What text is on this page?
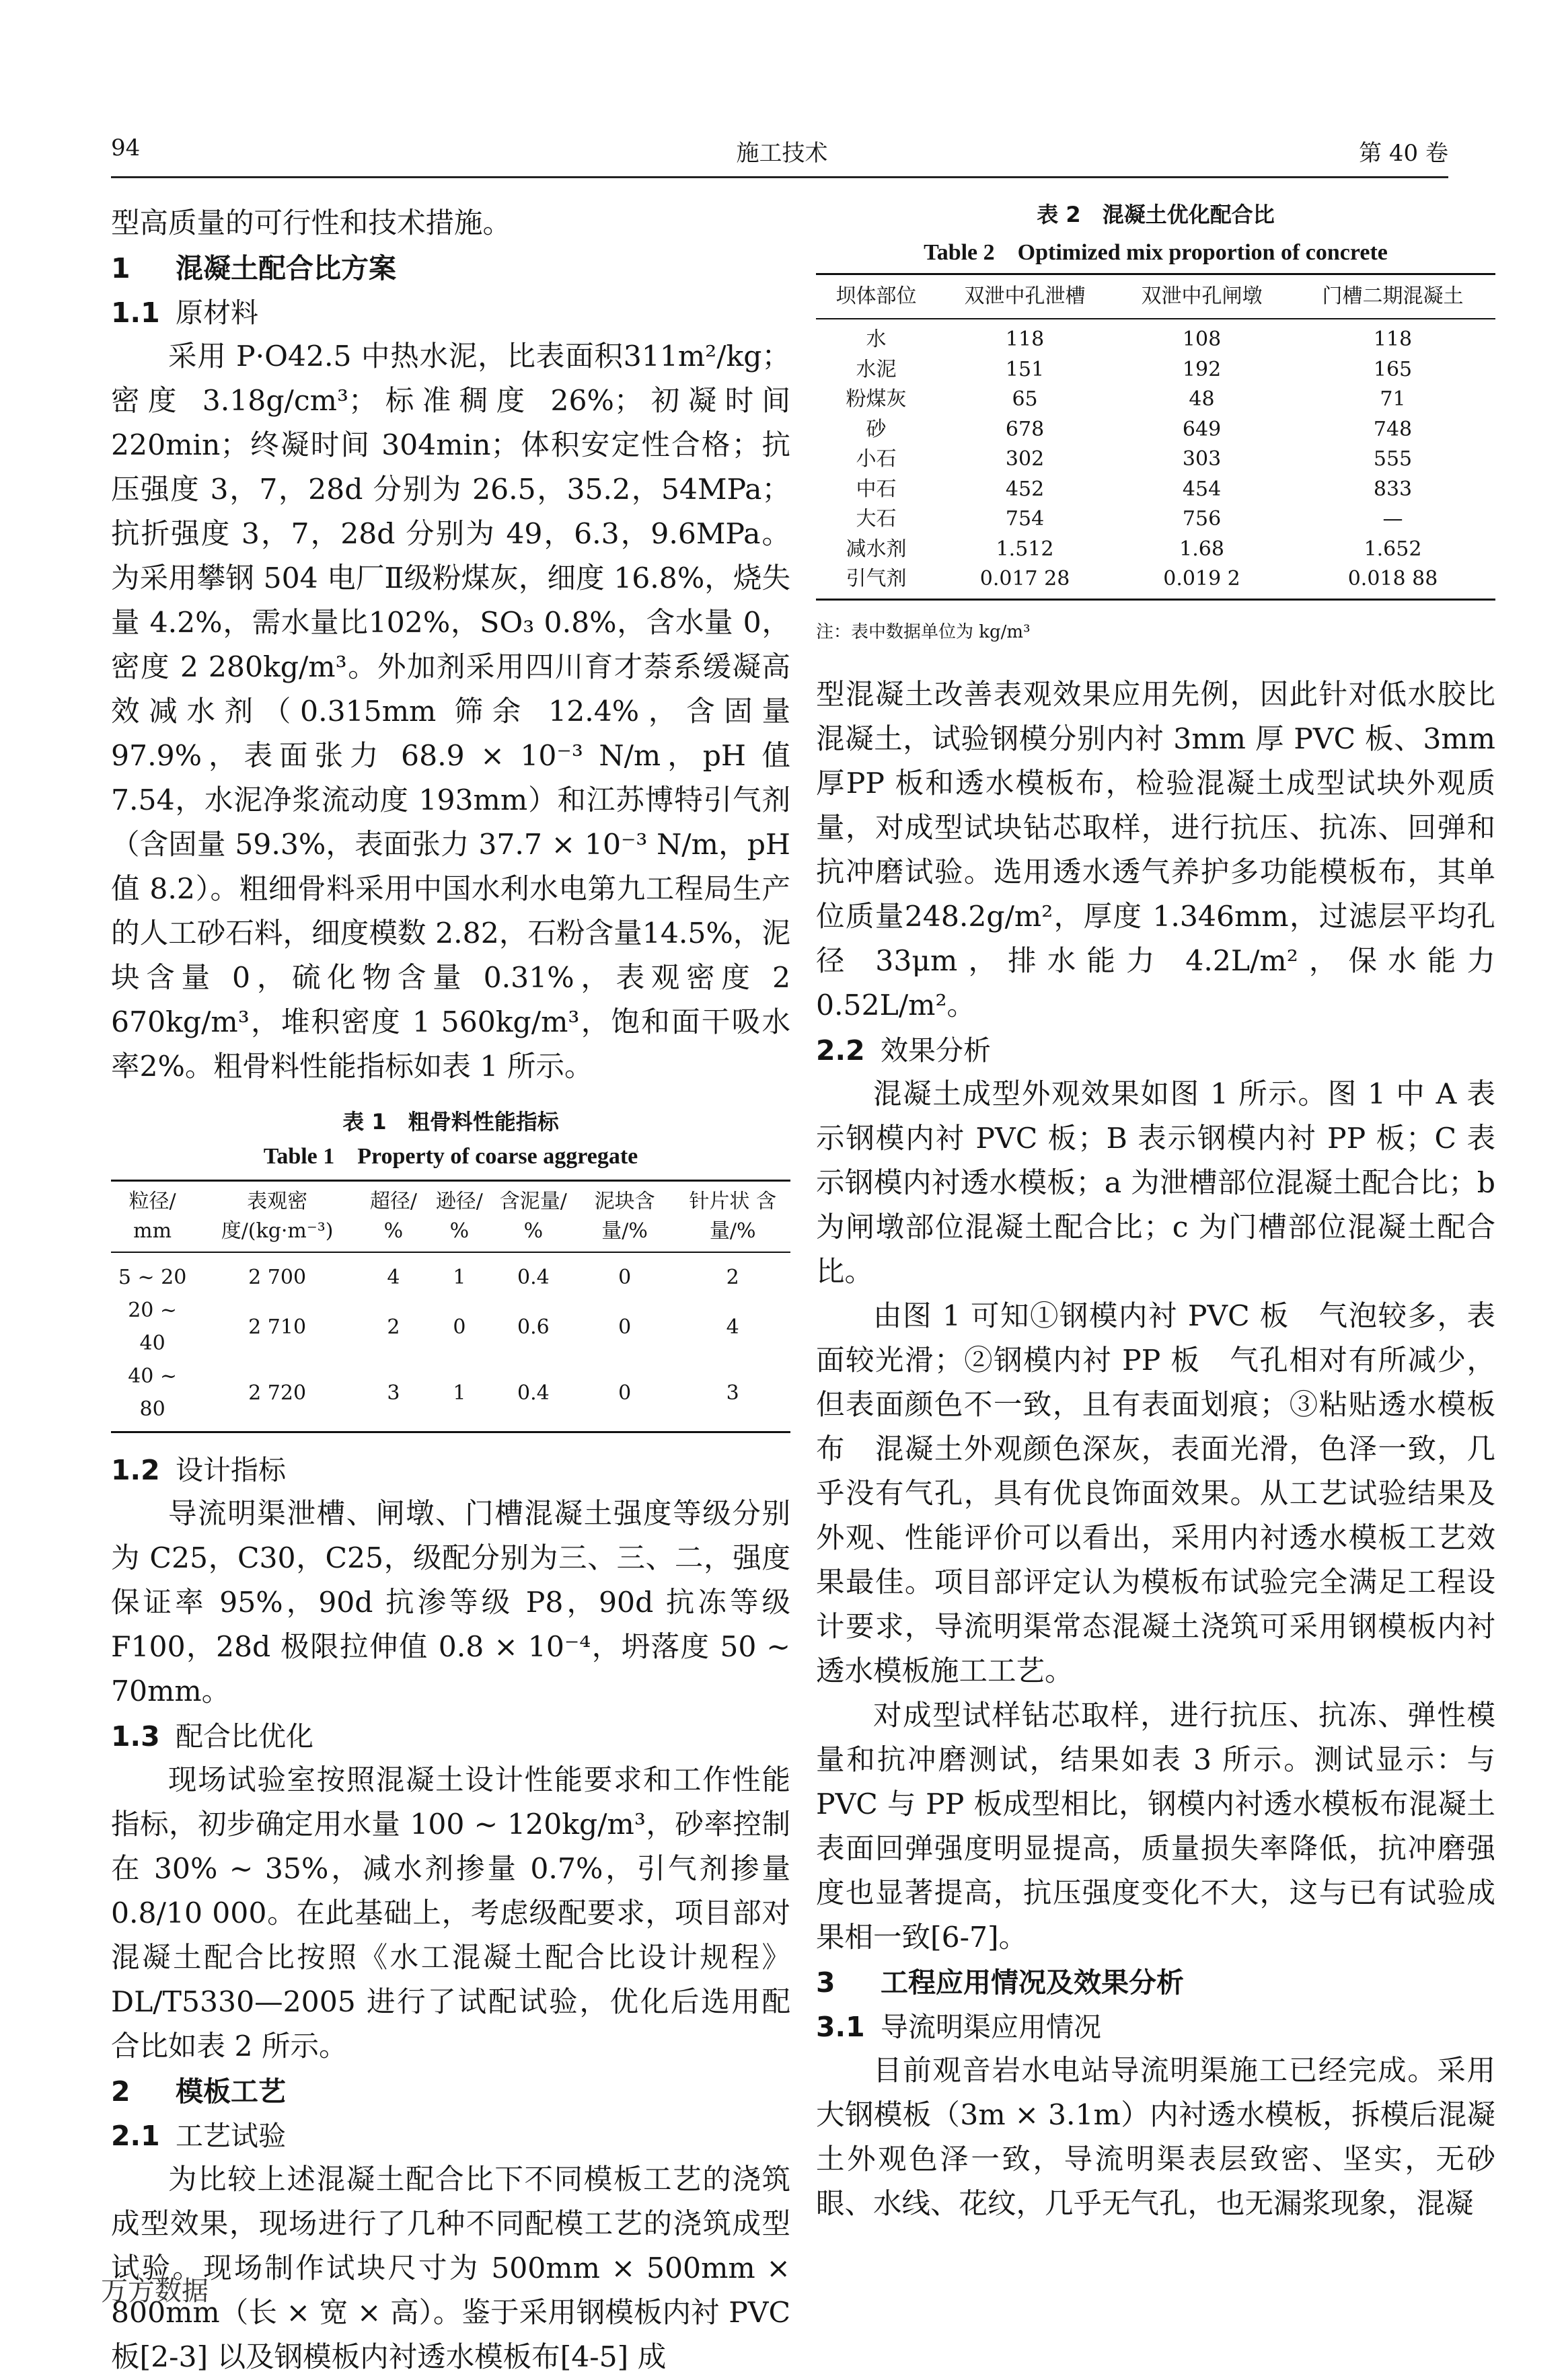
94	施工技术	第 40 卷

型高质量的可行性和技术措施。

1 混凝土配合比方案
1.1 原材料

采用 P·O42.5 中热水泥，比表面积311m²/kg；密度 3.18g/cm³；标准稠度 26%；初凝时间 220min；终凝时间 304min；体积安定性合格；抗压强度 3，7，28d 分别为 26.5，35.2，54MPa；抗折强度 3，7，28d 分别为 49，6.3，9.6MPa。为采用攀钢 504 电厂Ⅱ级粉煤灰，细度 16.8%，烧失量 4.2%，需水量比102%，SO₃ 0.8%，含水量 0，密度 2 280kg/m³。外加剂采用四川育才萘系缓凝高效减水剂（0.315mm 筛余 12.4%，含固量 97.9%，表面张力 68.9 × 10⁻³ N/m，pH 值 7.54，水泥净浆流动度 193mm）和江苏博特引气剂（含固量 59.3%，表面张力 37.7 × 10⁻³ N/m，pH 值 8.2）。粗细骨料采用中国水利水电第九工程局生产的人工砂石料，细度模数 2.82，石粉含量14.5%，泥块含量 0，硫化物含量 0.31%，表观密度 2 670kg/m³，堆积密度 1 560kg/m³，饱和面干吸水率2%。粗骨料性能指标如表 1 所示。

表 1　粗骨料性能指标

Table 1　Property of coarse aggregate

粒径/ mm	表观密 度/(kg·m⁻³)	超径/ %	逊径/ %	含泥量/ %	泥块含 量/%	针片状 含量/%
5 ~ 20	2 700	4	1	0.4	0	2
20 ~ 40	2 710	2	0	0.6	0	4
40 ~ 80	2 720	3	1	0.4	0	3
1.2 设计指标

导流明渠泄槽、闸墩、门槽混凝土强度等级分别为 C25，C30，C25，级配分别为三、三、二，强度保证率 95%，90d 抗渗等级 P8，90d 抗冻等级 F100，28d 极限拉伸值 0.8 × 10⁻⁴，坍落度 50 ~ 70mm。

1.3 配合比优化

现场试验室按照混凝土设计性能要求和工作性能指标，初步确定用水量 100 ~ 120kg/m³，砂率控制在 30% ~ 35%，减水剂掺量 0.7%，引气剂掺量 0.8/10 000。在此基础上，考虑级配要求，项目部对混凝土配合比按照《水工混凝土配合比设计规程》DL/T5330—2005 进行了试配试验，优化后选用配合比如表 2 所示。

2 模板工艺
2.1 工艺试验

为比较上述混凝土配合比下不同模板工艺的浇筑成型效果，现场进行了几种不同配模工艺的浇筑成型试验。现场制作试块尺寸为 500mm × 500mm × 800mm（长 × 宽 × 高）。鉴于采用钢模板内衬 PVC 板[2-3] 以及钢模板内衬透水模板布[4-5] 成

表 2　混凝土优化配合比

Table 2　Optimized mix proportion of concrete

坝体部位	双泄中孔泄槽	双泄中孔闸墩	门槽二期混凝土
水	118	108	118
水泥	151	192	165
粉煤灰	65	48	71
砂	678	649	748
小石	302	303	555
中石	452	454	833
大石	754	756	—
减水剂	1.512	1.68	1.652
引气剂	0.017 28	0.019 2	0.018 88

注：表中数据单位为 kg/m³

型混凝土改善表观效果应用先例，因此针对低水胶比混凝土，试验钢模分别内衬 3mm 厚 PVC 板、3mm 厚PP 板和透水模板布，检验混凝土成型试块外观质量，对成型试块钻芯取样，进行抗压、抗冻、回弹和抗冲磨试验。选用透水透气养护多功能模板布，其单位质量248.2g/m²，厚度 1.346mm，过滤层平均孔径 33μm，排水能力 4.2L/m²，保水能力 0.52L/m²。

2.2 效果分析

混凝土成型外观效果如图 1 所示。图 1 中 A 表示钢模内衬 PVC 板；B 表示钢模内衬 PP 板；C 表示钢模内衬透水模板；a 为泄槽部位混凝土配合比；b 为闸墩部位混凝土配合比；c 为门槽部位混凝土配合比。

由图 1 可知①钢模内衬 PVC 板　气泡较多，表面较光滑；②钢模内衬 PP 板　气孔相对有所减少，但表面颜色不一致，且有表面划痕；③粘贴透水模板布　混凝土外观颜色深灰，表面光滑，色泽一致，几乎没有气孔，具有优良饰面效果。从工艺试验结果及外观、性能评价可以看出，采用内衬透水模板工艺效果最佳。项目部评定认为模板布试验完全满足工程设计要求，导流明渠常态混凝土浇筑可采用钢模板内衬透水模板施工工艺。

对成型试样钻芯取样，进行抗压、抗冻、弹性模量和抗冲磨测试，结果如表 3 所示。测试显示：与PVC 与 PP 板成型相比，钢模内衬透水模板布混凝土表面回弹强度明显提高，质量损失率降低，抗冲磨强度也显著提高，抗压强度变化不大，这与已有试验成果相一致[6-7]。

3 工程应用情况及效果分析
3.1 导流明渠应用情况

目前观音岩水电站导流明渠施工已经完成。采用大钢模板（3m × 3.1m）内衬透水模板，拆模后混凝土外观色泽一致，导流明渠表层致密、坚实，无砂眼、水线、花纹，几乎无气孔，也无漏浆现象，混凝

万方数据
